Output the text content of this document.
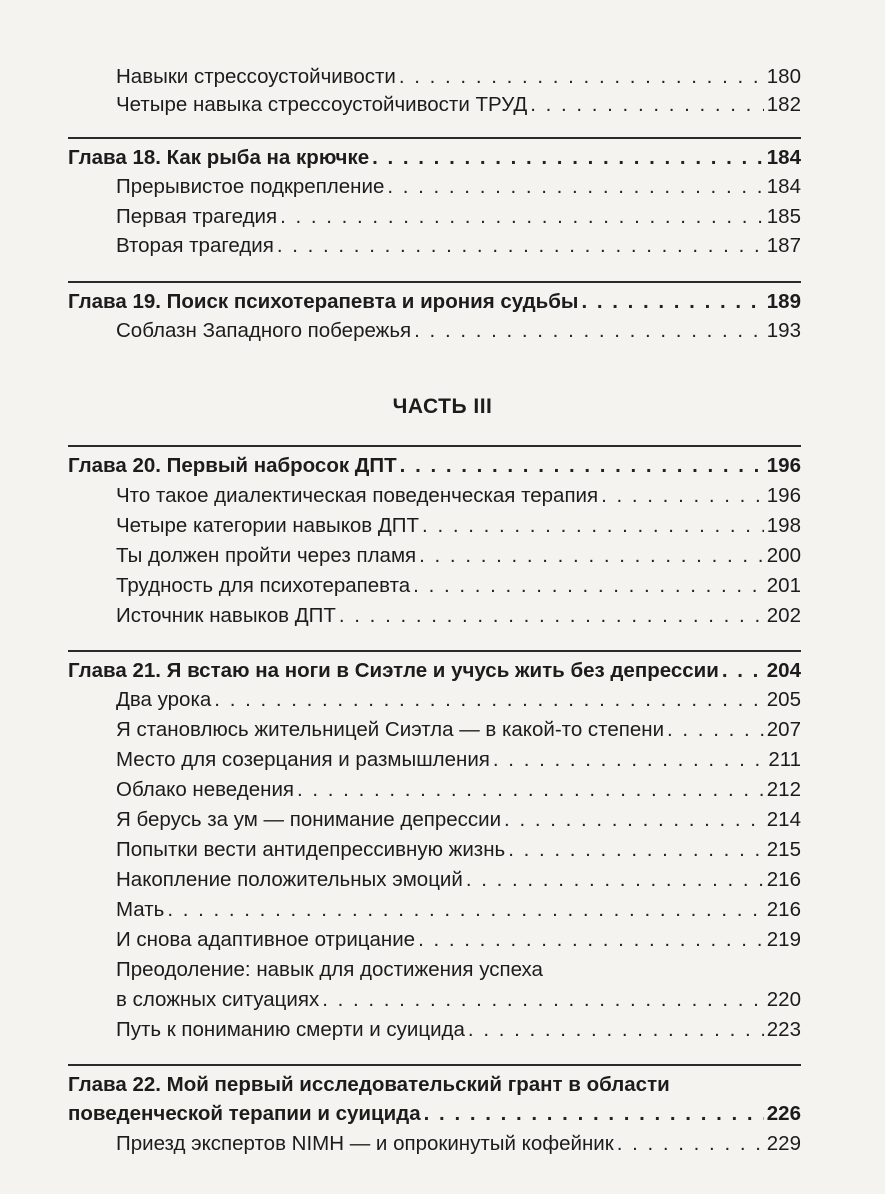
Навыки стрессоустойчивости . . .	180
Четыре навыка стрессоустойчивости ТРУД . . .	182
Глава 18. Как рыба на крючке . . .	184
Прерывистое подкрепление . . .	184
Первая трагедия . . .	185
Вторая трагедия . . .	187
Глава 19. Поиск психотерапевта и ирония судьбы . . .	189
Соблазн Западного побережья . . .	193
ЧАСТЬ III
Глава 20. Первый набросок ДПТ . . .	196
Что такое диалектическая поведенческая терапия . . .	196
Четыре категории навыков ДПТ . . .	198
Ты должен пройти через пламя . . .	200
Трудность для психотерапевта . . .	201
Источник навыков ДПТ . . .	202
Глава 21. Я встаю на ноги в Сиэтле и учусь жить без депрессии . . . 204
Два урока . . .	205
Я становлюсь жительницей Сиэтла — в какой-то степени . . .	207
Место для созерцания и размышления . . .	211
Облако неведения . . .	212
Я берусь за ум — понимание депрессии . . .	214
Попытки вести антидепрессивную жизнь . . .	215
Накопление положительных эмоций . . .	216
Мать . . .	216
И снова адаптивное отрицание . . .	219
Преодоление: навык для достижения успеха
в сложных ситуациях . . .	220
Путь к пониманию смерти и суицида . . .	223
Глава 22. Мой первый исследовательский грант в области
поведенческой терапии и суицида . . .	226
Приезд экспертов NIMH — и опрокинутый кофейник . . .	229
